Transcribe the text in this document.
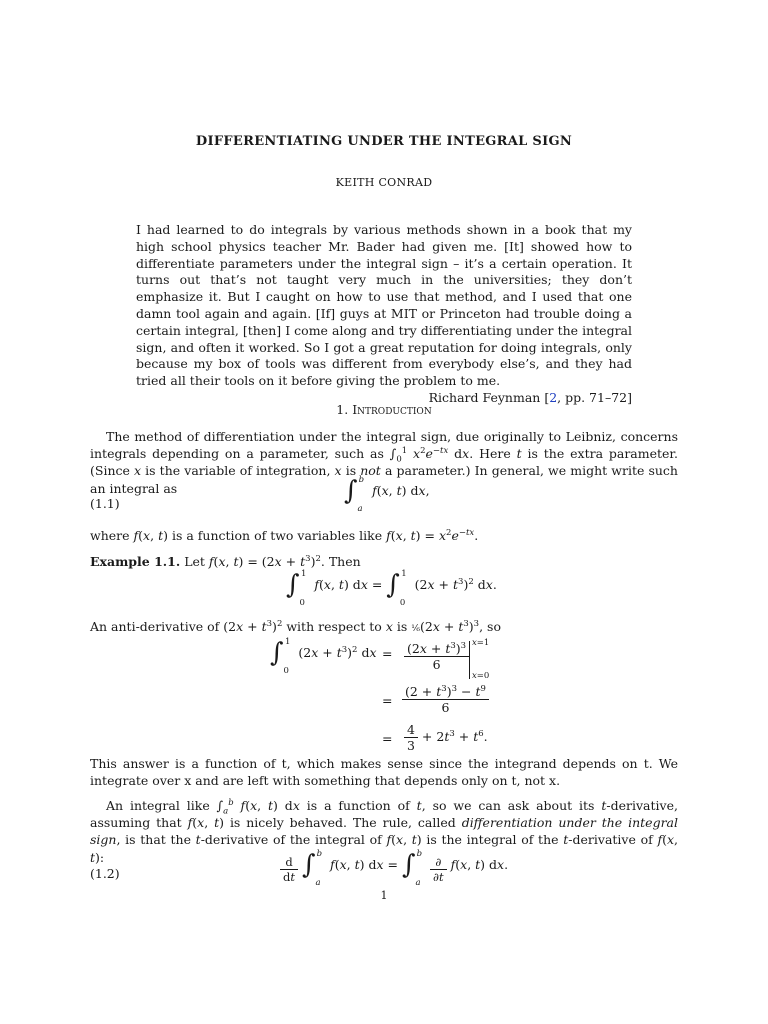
DIFFERENTIATING UNDER THE INTEGRAL SIGN
KEITH CONRAD
I had learned to do integrals by various methods shown in a book that my high school physics teacher Mr. Bader had given me. [It] showed how to differentiate parameters under the integral sign – it’s a certain operation. It turns out that’s not taught very much in the universities; they don’t emphasize it. But I caught on how to use that method, and I used that one damn tool again and again. [If] guys at MIT or Princeton had trouble doing a certain integral, [then] I come along and try differentiating under the integral sign, and often it worked. So I got a great reputation for doing integrals, only because my box of tools was different from everybody else’s, and they had tried all their tools on it before giving the problem to me.
Richard Feynman [2, pp. 71–72]
1. Introduction
The method of differentiation under the integral sign, due originally to Leibniz, concerns integrals depending on a parameter, such as $\int_0^1$ $x^2e^{-tx}$ dx. Here t is the extra parameter. (Since x is the variable of integration, x is not a parameter.) In general, we might write such an integral as
(1.1)	$\int_a^b$ f(x, t) dx,
where f(x, t) is a function of two variables like f(x, $t) = x^2e^{-tx}$.
Example 1.1. Let f(x, $t) = (2x + t^3)^2$. Then
$\int_0^1$ f(x, t) dx = $\int_0^1$ $(2x + t^3)^2$ dx.
An anti-derivative of $(2x + t^3)^2$ with respect to x is ¹⁄₆(2x + $t^3)^3$, so
$\int_0^1$ $(2x + t^3)^2$ dx = $\frac{(2x + t^3)^3}{6} x=1$
x=0
= $\frac{(2 + t^3)^3 - t^9}{6}$
= $\frac{4}{3} + 2t^3 + t^6$.
This answer is a function of t, which makes sense since the integrand depends on t. We integrate over x and are left with something that depends only on t, not x.
An integral like $\int_a^b$ f(x, t) dx is a function of t, so we can ask about its t-derivative, assuming that f(x, t) is nicely behaved. The rule, called differentiation under the integral sign, is that the t-derivative of the integral of f(x, t) is the integral of the t-derivative of f(x, t):
(1.2)	$\frac{d}{dt} \int_a^b$ f(x, t) dx = $\int_a^b$
$\frac{\partial}{\partial t} f(x$, t) dx.
1
